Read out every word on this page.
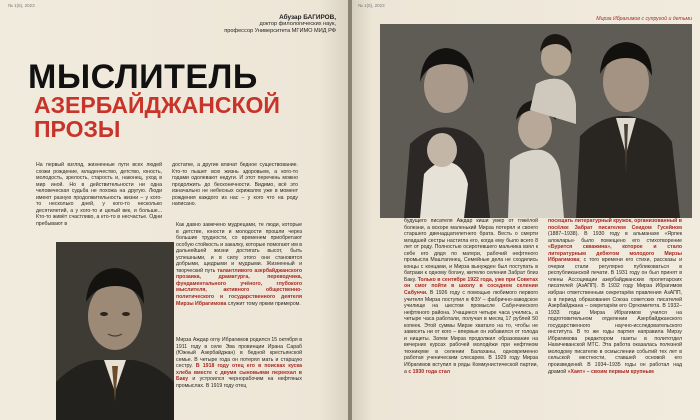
№ 1(5), 2023
Абузар БАГИРОВ,
доктор филологических наук,
профессор Университета МГИМО МИД РФ
МЫСЛИТЕЛЬ
АЗЕРБАЙДЖАНСКОЙ
ПРОЗЫ
На первый взгляд, жизненные пути всех людей схожи рождение, младенчество, детство, юность, молодость, зрелость, старость и, наконец, уход в мир иной. Но в действительности ни одна человеческая судьба не похожа на другую. Люди имеют разную продолжительность жизни – у кого-то несколько дней, у кого-то несколько десятилетий, а у кого-то и целый век, и больше... Кто-то живёт счастливо, а кто-то в несчастье. Одни пребывают в
достатке, а другие влачат бедное существование. Кто-то пышет всю жизнь здоровьем, а кого-то годами одолевают недуги. И этот перечень можно продолжить до бесконечности. Видимо, всё это изначально не небесных скрижалях уже в момент рождения каждого из нас – у кого что на роду написано.
Как давно замечено мудрецами, те люди, которые в детстве, юности и молодости прошли через большие трудности, со временем приобретают особую стойкость и закалку, которые помогают им в дальнейшей жизни достигать высот, быть успешными, и в силу этого они становятся добрыми, щедрыми и мудрыми. Жизненный и творческий путь талантливого азербайджанского прозаика, драматурга, переводчика, фундаментального учёного, глубокого мыслителя, активного общественно-политического и государственного деятеля Мирзы Ибрагимова служит тому ярким примером.
Мирза Аждар оглу Ибрагимов родился 15 октября в 1911 году в селе Эва провинции Ирана Сараб (Южный Азербайджан) в бедной крестьянской семье. В четыре года он потерял мать и старшую сестру. В 1918 году отец его в поисках куска хлеба вместе с двумя сыновьями переехал в Баку и устроился чернорабочим на нефтяных промыслах. В 1919 году отец
№ 1(5), 2023
Мирза Ибрагимов с супругой и детьми
будущего писателя Аждар киши умер от тяжёлой болезни, а вскоре маленький Мирза потерял и своего старшего двенадцатилетнего брата. Весть о смерти младшей сестры настигла его, когда ему было всего 8 лет от роду. Полностью осиротевшего мальчика взял к себе его дядя по матери, рабочий нефтяного промысла Маштагинец. Семейные дела не сходились концы с концами, и Мирза вынужден был поступать в батраки к одному богачу, жителю селения Забрат близ Баку. Только в сентябре 1922 года, уже при Советах он смог пойти в школу в соседнем селении Сабунчи. В 1926 году с помощью любимого первого учителя Мирза поступил в ФЗУ – фабрично-заводское училище на шестом промысле Сабунчинского нефтяного района. Учащиеся четыре часа учились, а четыре часа работали, получая в месяц 17 рублей 50 копеек. Этой суммы Мирзе хватало на то, чтобы не зависеть ни от кого – впервые он избавился от голода и нищеты. Затем Мирза продолжил образование на вечерних курсах рабочей молодёжи при нефтяном техникуме в селении Балаханы, одновременно работая ученическим слесарем. В 1929 году Мирза Ибрагимов вступил в ряды Коммунистической партии, а с 1930 года стал
посещать литературный кружок, организованный в посёлке Забрат писателем Сеидом Гусейном (1887–1938). В 1930 году в альманахе «Ярпек алоклары» было помещено его стихотворение «Бурится скважина», которое и стало литературным дебютом молодого Мирзы Ибрагимова; с того времени его стихи, рассказы и очерки стали регулярно публиковаться в республиканской печати. В 1931 году он был принят в члены Ассоциации азербайджанских пролетарских писателей (АзАПП). В 1932 году Мирза Ибрагимов избран ответственным секретарём правления АзАПП, а в период образования Союза советских писателей Азербайджана – секретарём его Оргкомитета. В 1932–1933 годы Мирза Ибрагимов учился на подготовительном отделении Азербайджанского государственного научно-исследовательского института. В то же годы партия направила Мирзу Ибрагимова редактором газеты в политотдел Нахичеванской МТС. Эта работа оказалась полезной молодому писателю в осмыслении событий тех лет в сельской местности, ставшей основой его произведений. В 1934–1935 годы он работал над драмой «Хаят» – своим первым крупным
